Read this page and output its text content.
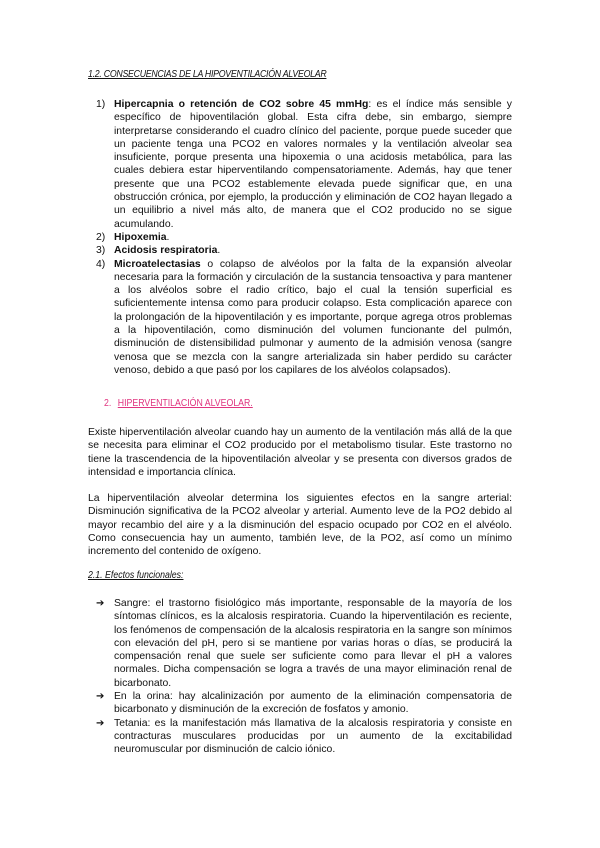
1.2. CONSECUENCIAS DE LA HIPOVENTILACIÓN ALVEOLAR
1) Hipercapnia o retención de CO2 sobre 45 mmHg: es el índice más sensible y específico de hipoventilación global. Esta cifra debe, sin embargo, siempre interpretarse considerando el cuadro clínico del paciente, porque puede suceder que un paciente tenga una PCO2 en valores normales y la ventilación alveolar sea insuficiente, porque presenta una hipoxemia o una acidosis metabólica, para las cuales debiera estar hiperventilando compensatoriamente. Además, hay que tener presente que una PCO2 establemente elevada puede significar que, en una obstrucción crónica, por ejemplo, la producción y eliminación de CO2 hayan llegado a un equilibrio a nivel más alto, de manera que el CO2 producido no se sigue acumulando.
2) Hipoxemia.
3) Acidosis respiratoria.
4) Microatelectasias o colapso de alvéolos por la falta de la expansión alveolar necesaria para la formación y circulación de la sustancia tensoactiva y para mantener a los alvéolos sobre el radio crítico, bajo el cual la tensión superficial es suficientemente intensa como para producir colapso. Esta complicación aparece con la prolongación de la hipoventilación y es importante, porque agrega otros problemas a la hipoventilación, como disminución del volumen funcionante del pulmón, disminución de distensibilidad pulmonar y aumento de la admisión venosa (sangre venosa que se mezcla con la sangre arterializada sin haber perdido su carácter venoso, debido a que pasó por los capilares de los alvéolos colapsados).
2. HIPERVENTILACIÓN ALVEOLAR.

Existe hiperventilación alveolar cuando hay un aumento de la ventilación más allá de la que se necesita para eliminar el CO2 producido por el metabolismo tisular. Este trastorno no tiene la trascendencia de la hipoventilación alveolar y se presenta con diversos grados de intensidad e importancia clínica.

La hiperventilación alveolar determina los siguientes efectos en la sangre arterial: Disminución significativa de la PCO2 alveolar y arterial. Aumento leve de la PO2 debido al mayor recambio del aire y a la disminución del espacio ocupado por CO2 en el alvéolo. Como consecuencia hay un aumento, también leve, de la PO2, así como un mínimo incremento del contenido de oxígeno.

2.1. Efectos funcionales:
➔ Sangre: el trastorno fisiológico más importante, responsable de la mayoría de los síntomas clínicos, es la alcalosis respiratoria. Cuando la hiperventilación es reciente, los fenómenos de compensación de la alcalosis respiratoria en la sangre son mínimos con elevación del pH, pero si se mantiene por varias horas o días, se producirá la compensación renal que suele ser suficiente como para llevar el pH a valores normales. Dicha compensación se logra a través de una mayor eliminación renal de bicarbonato.
➔ En la orina: hay alcalinización por aumento de la eliminación compensatoria de bicarbonato y disminución de la excreción de fosfatos y amonio.
➔ Tetania: es la manifestación más llamativa de la alcalosis respiratoria y consiste en contracturas musculares producidas por un aumento de la excitabilidad neuromuscular por disminución de calcio iónico.
